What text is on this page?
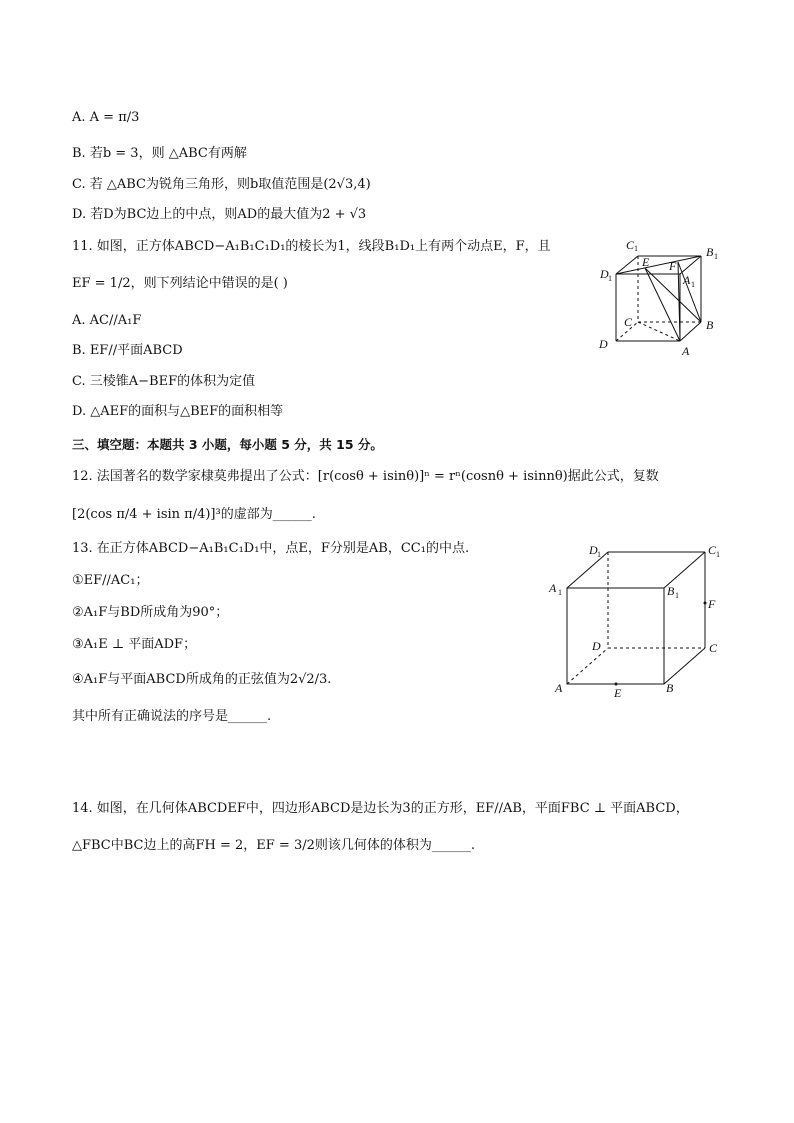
A. A = π/3
B. 若b = 3，则 △ABC有两解
C. 若 △ABC为锐角三角形，则b取值范围是(2√3,4)
D. 若D为BC边上的中点，则AD的最大值为2 + √3
11. 如图，正方体ABCD−A₁B₁C₁D₁的棱长为1，线段B₁D₁上有两个动点E，F，且
EF = 1/2，则下列结论中错误的是( )
A. AC//A₁F
B. EF//平面ABCD
C. 三棱锥A−BEF的体积为定值
D. △AEF的面积与△BEF的面积相等
C 1	B 1
D 1
E F
A 1
C	B
D	A
三、填空题：本题共 3 小题，每小题 5 分，共 15 分。
12. 法国著名的数学家棣莫弗提出了公式：[r(cosθ + isinθ)]ⁿ = rⁿ(cosnθ + isinnθ)据此公式，复数
[2(cos π/4 + isin π/4)]³的虚部为______.
13. 在正方体ABCD−A₁B₁C₁D₁中，点E，F分别是AB，CC₁的中点.
①EF//AC₁；
②A₁F与BD所成角为90°；
③A₁E ⊥ 平面ADF；
④A₁F与平面ABCD所成角的正弦值为2√2/3.
其中所有正确说法的序号是______.
D 1	C 1
A 1	B 1
F
D	C
A	E	B
14. 如图，在几何体ABCDEF中，四边形ABCD是边长为3的正方形，EF//AB，平面FBC ⊥ 平面ABCD，
△FBC中BC边上的高FH = 2，EF = 3/2则该几何体的体积为______.
